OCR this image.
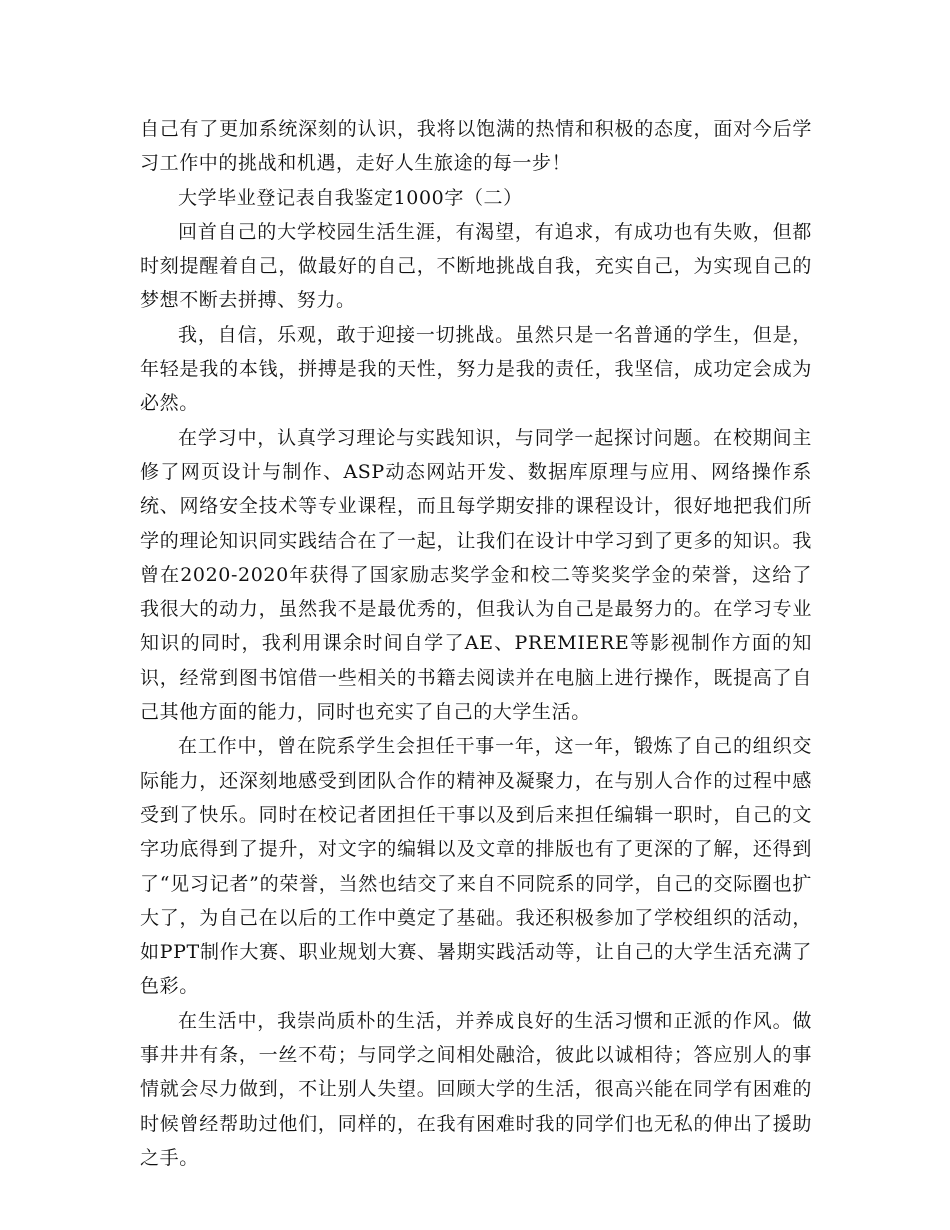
自己有了更加系统深刻的认识，我将以饱满的热情和积极的态度，面对今后学习工作中的挑战和机遇，走好人生旅途的每一步！

大学毕业登记表自我鉴定1000字（二）

回首自己的大学校园生活生涯，有渴望，有追求，有成功也有失败，但都时刻提醒着自己，做最好的自己，不断地挑战自我，充实自己，为实现自己的梦想不断去拼搏、努力。

我，自信，乐观，敢于迎接一切挑战。虽然只是一名普通的学生，但是，年轻是我的本钱，拼搏是我的天性，努力是我的责任，我坚信，成功定会成为必然。

在学习中，认真学习理论与实践知识，与同学一起探讨问题。在校期间主修了网页设计与制作、ASP动态网站开发、数据库原理与应用、网络操作系统、网络安全技术等专业课程，而且每学期安排的课程设计，很好地把我们所学的理论知识同实践结合在了一起，让我们在设计中学习到了更多的知识。我曾在2020-2020年获得了国家励志奖学金和校二等奖奖学金的荣誉，这给了我很大的动力，虽然我不是最优秀的，但我认为自己是最努力的。在学习专业知识的同时，我利用课余时间自学了AE、PREMIERE等影视制作方面的知识，经常到图书馆借一些相关的书籍去阅读并在电脑上进行操作，既提高了自己其他方面的能力，同时也充实了自己的大学生活。

在工作中，曾在院系学生会担任干事一年，这一年，锻炼了自己的组织交际能力，还深刻地感受到团队合作的精神及凝聚力，在与别人合作的过程中感受到了快乐。同时在校记者团担任干事以及到后来担任编辑一职时，自己的文字功底得到了提升，对文字的编辑以及文章的排版也有了更深的了解，还得到了“见习记者”的荣誉，当然也结交了来自不同院系的同学，自己的交际圈也扩大了，为自己在以后的工作中奠定了基础。我还积极参加了学校组织的活动，如PPT制作大赛、职业规划大赛、暑期实践活动等，让自己的大学生活充满了色彩。

在生活中，我崇尚质朴的生活，并养成良好的生活习惯和正派的作风。做事井井有条，一丝不苟；与同学之间相处融洽，彼此以诚相待；答应别人的事情就会尽力做到，不让别人失望。回顾大学的生活，很高兴能在同学有困难的时候曾经帮助过他们，同样的，在我有困难时我的同学们也无私的伸出了援助之手。
